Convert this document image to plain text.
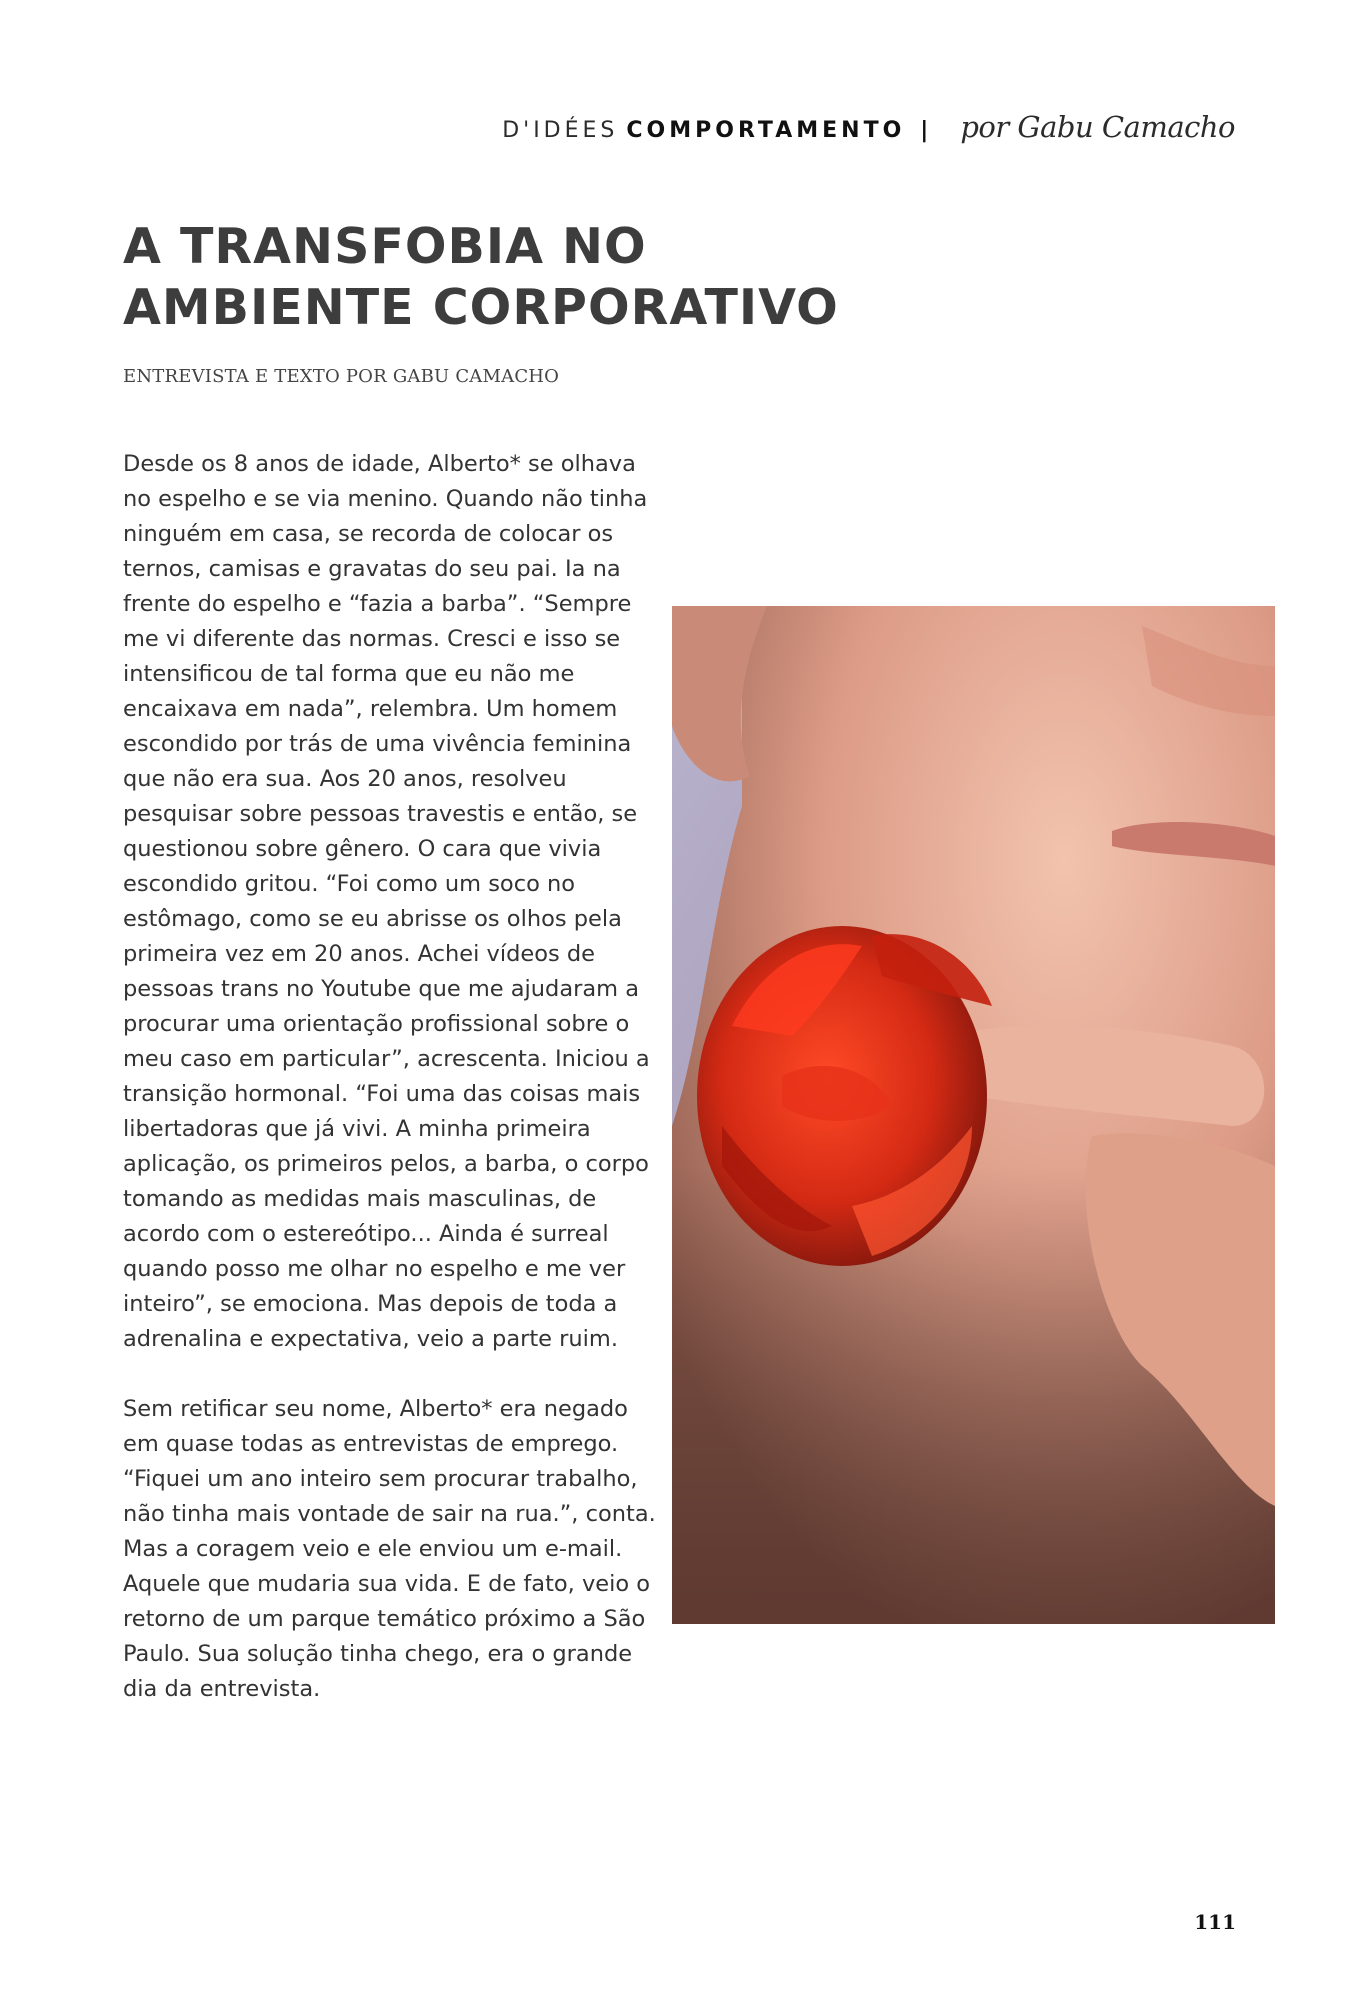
D'IDÉES COMPORTAMENTO | por Gabu Camacho
A TRANSFOBIA NO
AMBIENTE CORPORATIVO
ENTREVISTA E TEXTO POR GABU CAMACHO

Desde os 8 anos de idade, Alberto* se olhava no espelho e se via menino. Quando não tinha ninguém em casa, se recorda de colocar os ternos, camisas e gravatas do seu pai. Ia na frente do espelho e “fazia a barba”. “Sempre me vi diferente das normas. Cresci e isso se intensificou de tal forma que eu não me encaixava em nada”, relembra. Um homem escondido por trás de uma vivência feminina que não era sua. Aos 20 anos, resolveu pesquisar sobre pessoas travestis e então, se questionou sobre gênero. O cara que vivia escondido gritou. “Foi como um soco no estômago, como se eu abrisse os olhos pela primeira vez em 20 anos. Achei vídeos de pessoas trans no Youtube que me ajudaram a procurar uma orientação profissional sobre o meu caso em particular”, acrescenta. Iniciou a transição hormonal. “Foi uma das coisas mais libertadoras que já vivi. A minha primeira aplicação, os primeiros pelos, a barba, o corpo tomando as medidas mais masculinas, de acordo com o estereótipo... Ainda é surreal quando posso me olhar no espelho e me ver inteiro”, se emociona. Mas depois de toda a adrenalina e expectativa, veio a parte ruim.

Sem retificar seu nome, Alberto* era negado em quase todas as entrevistas de emprego. “Fiquei um ano inteiro sem procurar trabalho, não tinha mais vontade de sair na rua.”, conta. Mas a coragem veio e ele enviou um e-mail. Aquele que mudaria sua vida. E de fato, veio o retorno de um parque temático próximo a São Paulo. Sua solução tinha chego, era o grande dia da entrevista.

111
